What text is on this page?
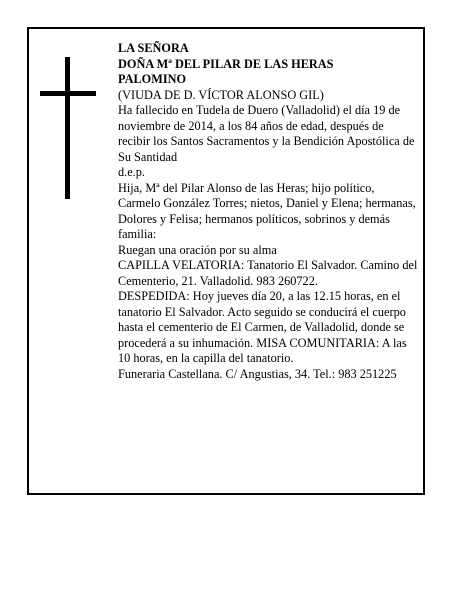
LA SEÑORA

DOÑA Mª DEL PILAR DE LAS HERAS

PALOMINO

(VIUDA DE D. VÍCTOR ALONSO GIL)

Ha fallecido en Tudela de Duero (Valladolid) el día 19 de noviembre de 2014, a los 84 años de edad, después de recibir los Santos Sacramentos y la Bendición Apostólica de Su Santidad

d.e.p.

Hija, Mª del Pilar Alonso de las Heras; hijo político, Carmelo González Torres; nietos, Daniel y Elena; hermanas, Dolores y Felisa; hermanos políticos, sobrinos y demás familia:

Ruegan una oración por su alma

CAPILLA VELATORIA: Tanatorio El Salvador. Camino del Cementerio, 21. Valladolid. 983 260722.

DESPEDIDA: Hoy jueves día 20, a las 12.15 horas, en el tanatorio El Salvador. Acto seguido se conducirá el cuerpo hasta el cementerio de El Carmen, de Valladolid, donde se procederá a su inhumación. MISA COMUNITARIA: A las 10 horas, en la capilla del tanatorio.

Funeraria Castellana. C/ Angustias, 34. Tel.: 983 251225
